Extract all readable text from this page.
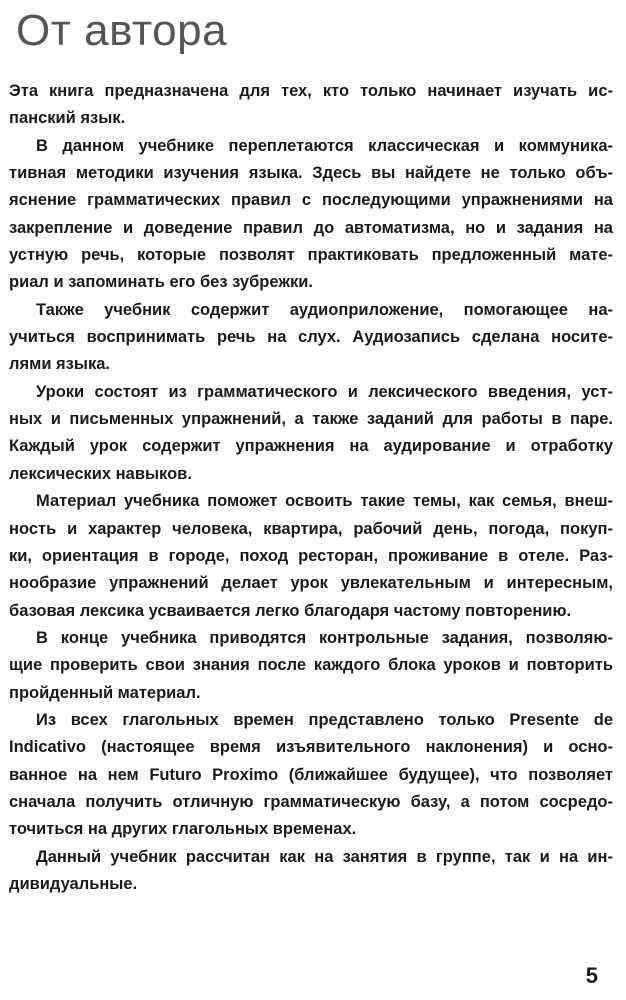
От автора
Эта книга предназначена для тех, кто только начинает изучать ис-
панский язык.
В данном учебнике переплетаются классическая и коммуника-
тивная методики изучения языка. Здесь вы найдете не только объ-
яснение грамматических правил с последующими упражнениями на
закрепление и доведение правил до автоматизма, но и задания на
устную речь, которые позволят практиковать предложенный мате-
риал и запоминать его без зубрежки.
Также учебник содержит аудиоприложение, помогающее на-
учиться воспринимать речь на слух. Аудиозапись сделана носите-
лями языка.
Уроки состоят из грамматического и лексического введения, уст-
ных и письменных упражнений, а также заданий для работы в паре.
Каждый урок содержит упражнения на аудирование и отработку
лексических навыков.
Материал учебника поможет освоить такие темы, как семья, внеш-
ность и характер человека, квартира, рабочий день, погода, покуп-
ки, ориентация в городе, поход ресторан, проживание в отеле. Раз-
нообразие упражнений делает урок увлекательным и интересным,
базовая лексика усваивается легко благодаря частому повторению.
В конце учебника приводятся контрольные задания, позволяю-
щие проверить свои знания после каждого блока уроков и повторить
пройденный материал.
Из всех глагольных времен представлено только Presente de
Indicativo (настоящее время изъявительного наклонения) и осно-
ванное на нем Futuro Proximo (ближайшее будущее), что позволяет
сначала получить отличную грамматическую базу, а потом сосредо-
точиться на других глагольных временах.
Данный учебник рассчитан как на занятия в группе, так и на ин-
дивидуальные.
5
